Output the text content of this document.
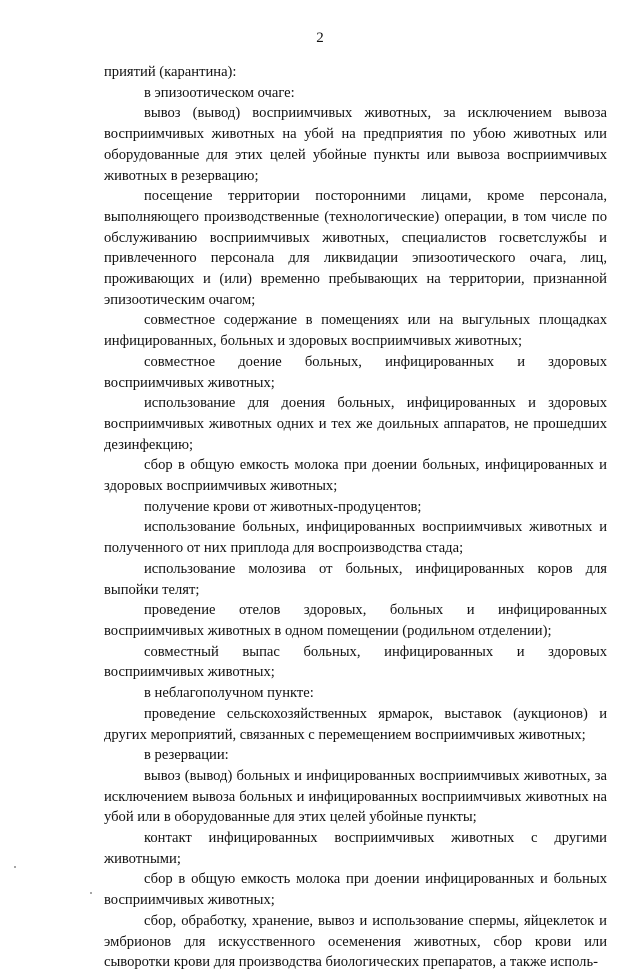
2

приятий (карантина):

в эпизоотическом очаге:

вывоз (вывод) восприимчивых животных, за исключением вывоза восприимчивых животных на убой на предприятия по убою животных или оборудованные для этих целей убойные пункты или вывоза восприимчивых животных в резервацию;

посещение территории посторонними лицами, кроме персонала, выполняющего производственные (технологические) операции, в том числе по обслуживанию восприимчивых животных, специалистов госветслужбы и привлеченного персонала для ликвидации эпизоотического очага, лиц, проживающих и (или) временно пребывающих на территории, признанной эпизоотическим очагом;

совместное содержание в помещениях или на выгульных площадках инфицированных, больных и здоровых восприимчивых животных;

совместное доение больных, инфицированных и здоровых восприимчивых животных;

использование для доения больных, инфицированных и здоровых восприимчивых животных одних и тех же доильных аппаратов, не прошедших дезинфекцию;

сбор в общую емкость молока при доении больных, инфицированных и здоровых восприимчивых животных;

получение крови от животных-продуцентов;

использование больных, инфицированных восприимчивых животных и полученного от них приплода для воспроизводства стада;

использование молозива от больных, инфицированных коров для выпойки телят;

проведение отелов здоровых, больных и инфицированных восприимчивых животных в одном помещении (родильном отделении);

совместный выпас больных, инфицированных и здоровых восприимчивых животных;

в неблагополучном пункте:

проведение сельскохозяйственных ярмарок, выставок (аукционов) и других мероприятий, связанных с перемещением восприимчивых животных;

в резервации:

вывоз (вывод) больных и инфицированных восприимчивых животных, за исключением вывоза больных и инфицированных восприимчивых животных на убой или в оборудованные для этих целей убойные пункты;

контакт инфицированных восприимчивых животных с другими животными;

сбор в общую емкость молока при доении инфицированных и больных восприимчивых животных;

сбор, обработку, хранение, вывоз и использование спермы, яйцеклеток и эмбрионов для искусственного осеменения животных, сбор крови или сыворотки крови для производства биологических препаратов, а также исполь-
